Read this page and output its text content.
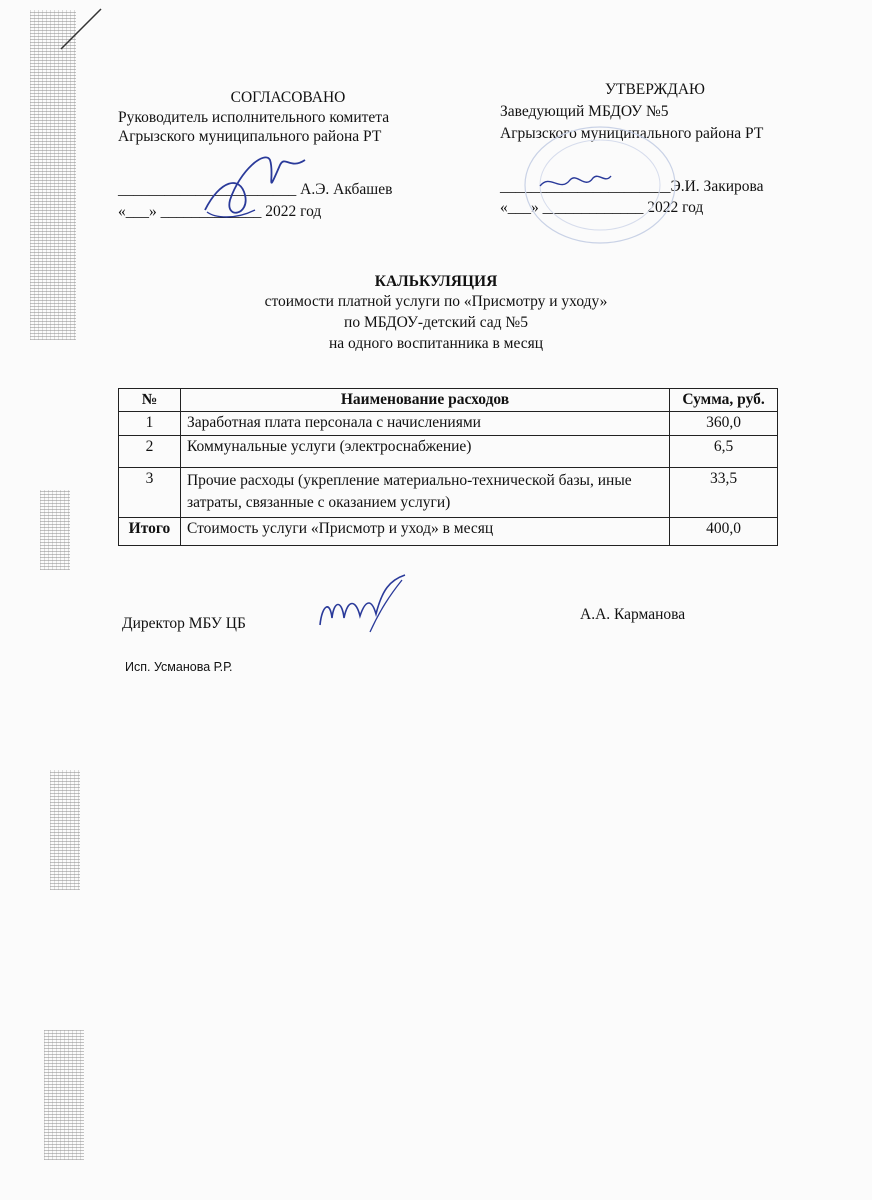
СОГЛАСОВАНО
Руководитель исполнительного комитета
Агрызского муниципального района РТ
_______________________ А.Э. Акбашев
«___» _____________ 2022 год
УТВЕРЖДАЮ
Заведующий МБДОУ №5
Агрызского муниципального района РТ
______________________Э.И. Закирова
«___» _____________ 2022 год
КАЛЬКУЛЯЦИЯ
стоимости платной услуги по «Присмотру и уходу»
по МБДОУ-детский сад №5
на одного воспитанника в месяц
№	Наименование расходов	Сумма, руб.
1	Заработная плата персонала с начислениями	360,0
2	Коммунальные услуги (электроснабжение)	6,5
3	Прочие расходы (укрепление материально-технической базы, иные затраты, связанные с оказанием услуги)	33,5
Итого	Стоимость услуги «Присмотр и уход» в месяц	400,0
Директор МБУ ЦБ
А.А. Карманова
Исп. Усманова Р.Р.
